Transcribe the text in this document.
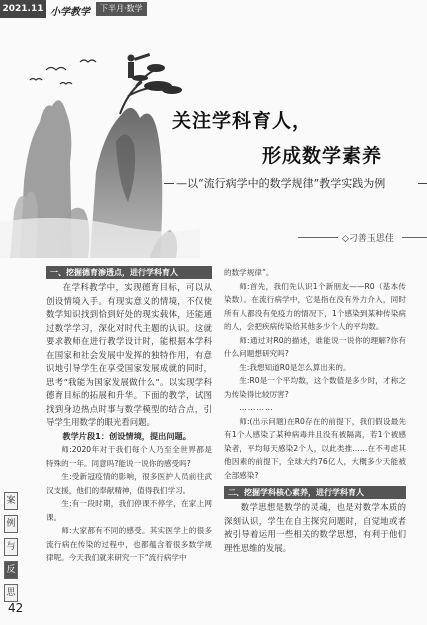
2021.11 小学教学	下半月·数学
关注学科育人，
形成数学素养
—以“流行病学中的数学规律”教学实践为例
◇刁善玉思佳
一、挖掘德育渗透点，进行学科育人

在学科教学中，实现德育目标，可以从创设情境入手。有现实意义的情境，不仅使数学知识找到恰到好处的现实载体，还能通过数学学习，深化对时代主题的认识。这就要求教师在进行教学设计时，能根据本学科在国家和社会发展中发挥的独特作用，有意识地引导学生在享受国家发展成就的同时，思考“我能为国家发展做什么”。以实现学科德育目标的拓展和升华。下面的教学，试图找到身边热点时事与数学模型的结合点，引导学生用数学的眼光看问题。

教学片段1：创设情境，提出问题。

师:2020年对于我们每个人乃至全世界都是特殊的一年。同意吗?能说一说你的感受吗?

生:受新冠疫情的影响，很多医护人员前往武汉支援，他们的奉献精神，值得我们学习。

生:有一段时期，我们停课不停学，在家上网课。

师:大家都有不同的感受。其实医学上的很多流行病在传染的过程中，也都蕴含着很多数学规律呢。今天我们就来研究一下“流行病学中

的数学规律”。

师:首先，我们先认识1个新朋友——R0（基本传染数）。在流行病学中，它是指在没有外力介入，同时所有人都没有免疫力的情况下，1个感染到某种传染病的人，会把疾病传染给其他多少个人的平均数。

师:通过对R0的描述，谁能说一说你的理解?你有什么问题想研究吗?

生:我想知道R0是怎么算出来的。

生:R0是一个平均数，这个数值是多少时，才称之为传染得比较厉害?

…………

师:(出示问题)在R0存在的前提下，我们假设最先有1个人感染了某种病毒并且没有被隔离，若1个被感染者，平均每天感染2个人，以此类推……在不考虑其他因素的前提下，全球大约76亿人，大概多少天能被全部感染?

二、挖掘学科核心素养，进行学科育人

数学思想是数学的灵魂，也是对数学本质的深刻认识，学生在自主探究问题时，自觉地或者被引导着运用一些相关的数学思想，有利于他们理性思维的发展。

案
例
与
反
思
42
